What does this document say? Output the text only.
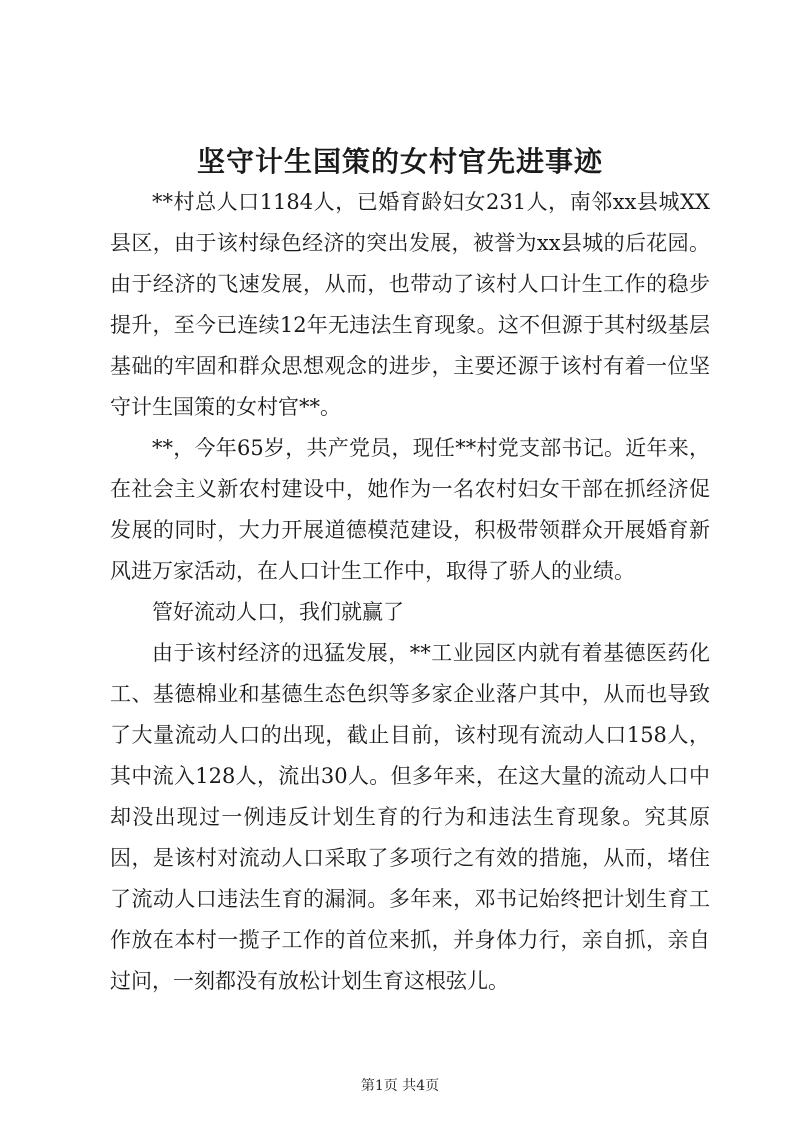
坚守计生国策的女村官先进事迹

**村总人口1184人，已婚育龄妇女231人，南邻xx县城XX县区，由于该村绿色经济的突出发展，被誉为xx县城的后花园。由于经济的飞速发展，从而，也带动了该村人口计生工作的稳步提升，至今已连续12年无违法生育现象。这不但源于其村级基层基础的牢固和群众思想观念的进步，主要还源于该村有着一位坚守计生国策的女村官**。

**，今年65岁，共产党员，现任**村党支部书记。近年来，在社会主义新农村建设中，她作为一名农村妇女干部在抓经济促发展的同时，大力开展道德模范建设，积极带领群众开展婚育新风进万家活动，在人口计生工作中，取得了骄人的业绩。

管好流动人口，我们就赢了

由于该村经济的迅猛发展，**工业园区内就有着基德医药化工、基德棉业和基德生态色织等多家企业落户其中，从而也导致了大量流动人口的出现，截止目前，该村现有流动人口158人，其中流入128人，流出30人。但多年来，在这大量的流动人口中却没出现过一例违反计划生育的行为和违法生育现象。究其原因，是该村对流动人口采取了多项行之有效的措施，从而，堵住了流动人口违法生育的漏洞。多年来，邓书记始终把计划生育工作放在本村一揽子工作的首位来抓，并身体力行，亲自抓，亲自过问，一刻都没有放松计划生育这根弦儿。

第1页 共4页
